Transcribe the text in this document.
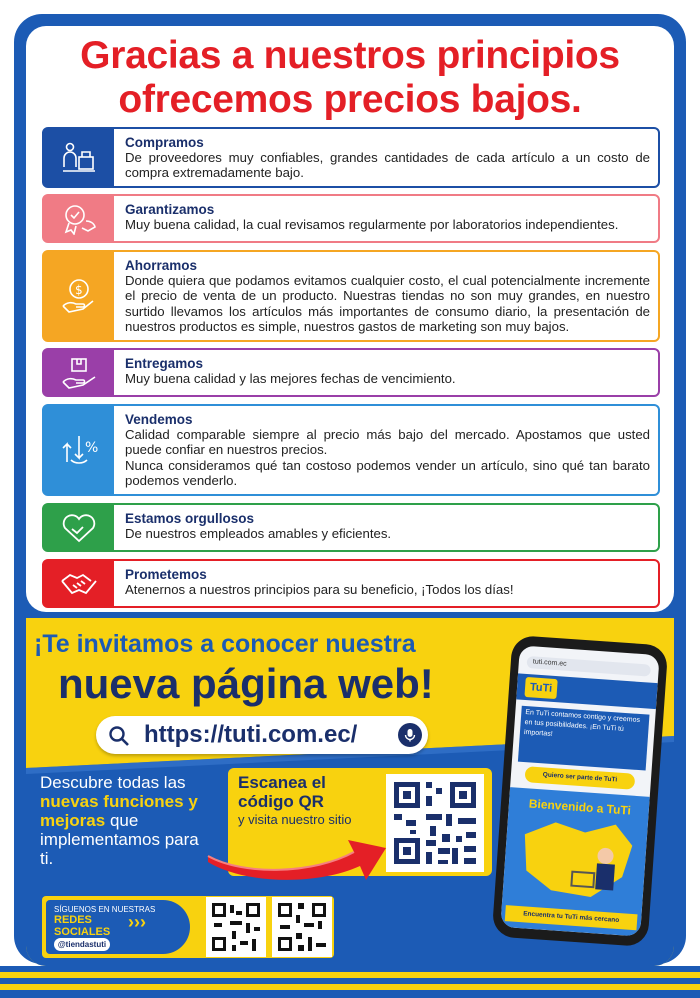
Gracias a nuestros principios
ofrecemos precios bajos.
Compramos
De proveedores muy confiables, grandes cantidades de cada artículo a un costo de compra extremadamente bajo.
Garantizamos
Muy buena calidad, la cual revisamos regularmente por laboratorios independientes.
$
Ahorramos
Donde quiera que podamos evitamos cualquier costo, el cual potencialmente incremente el precio de venta de un producto. Nuestras tiendas no son muy grandes, en nuestro surtido llevamos los artículos más importantes de consumo diario, la presentación de nuestros productos es simple, nuestros gastos de marketing son muy bajos.
Entregamos
Muy buena calidad y las mejores fechas de vencimiento.
%
Vendemos
Calidad comparable siempre al precio más bajo del mercado. Apostamos que usted puede confiar en nuestros precios.
Nunca consideramos qué tan costoso podemos vender un artículo, sino qué tan barato podemos venderlo.
Estamos orgullosos
De nuestros empleados amables y eficientes.
Prometemos
Atenernos a nuestros principios para su beneficio, ¡Todos los días!
¡Te invitamos a conocer nuestra
nueva página web!
https://tuti.com.ec/
Descubre todas las nuevas funciones y mejoras que implementamos para ti.
Escanea el código QR
y visita nuestro sitio
SÍGUENOS EN NUESTRAS
REDES SOCIALES ›››
@tiendastuti
tuti.com.ec
TuTi
En TuTi contamos contigo y creemos en tus posibilidades. ¡En TuTi tú importas!
Quiero ser parte de TuTi
Bienvenido a TuTi
Encuentra tu TuTi más cercano
